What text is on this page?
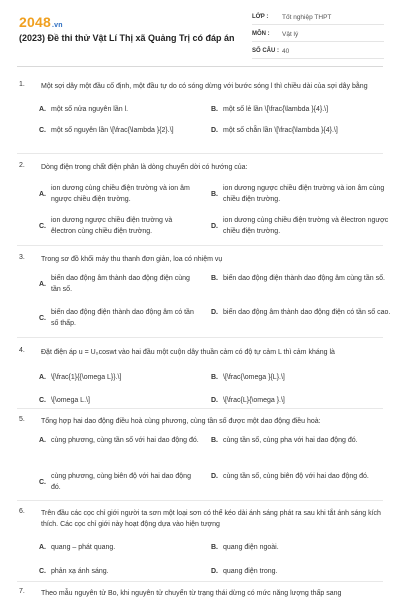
2048.vn
(2023) Đề thi thử Vật Lí Thị xã Quảng Trị có đáp án
LỚP :	Tốt nghiệp THPT
MÔN :	Vật lý
SỐ CÂU : 40
1.	Một sợi dây một đầu cố định, một đầu tự do có sóng dừng với bước sóng l thì chiều dài của sợi dây bằng
A. một số nửa nguyên lần l.	B. một số lẻ lần \[\frac{\lambda }{4}.\]
C. một số nguyên lần \[\frac{\lambda }{2}.\]	D. một số chẵn lần \[\frac{\lambda }{4}.\]
2.	Dòng điện trong chất điện phân là dòng chuyển dời có hướng của:
A.
ion dương cùng chiều điện trường và ion âm ngược chiều điện trường.
B.
ion dương ngược chiều điện trường và ion âm cùng chiều điện trường.
C.
ion dương ngược chiều điện trường và êlectron cùng chiều điện trường.
D.
ion dương cùng chiều điện trường và êlectron ngược chiều điện trường.
3.	Trong sơ đồ khối máy thu thanh đơn giản, loa có nhiệm vụ
A.
biến dao động âm thành dao động điện cùng tần số.
B. biến dao động điện thành dao động âm cùng tần số.
C.
biến dao động điện thành dao động âm có tần số thấp.
D. biến dao động âm thành dao động điện có tần số cao.
4.	Đặt điện áp u = U₀coswt vào hai đầu một cuộn dây thuần cảm có độ tự cảm L thì cảm kháng là
A. \[\frac{1}{{\omega L}}.\]	B. \[\frac{\omega }{L}.\]
C. \[\omega L.\]	D. \[\frac{L}{\omega }.\]
5.	Tổng hợp hai dao động điều hoà cùng phương, cùng tần số được một dao động điều hoà:
A. cùng phương, cùng tần số với hai dao động đó. B. cùng tần số, cùng pha với hai dao động đó.
C.
cùng phương, cùng biên độ với hai dao động đó.
D. cùng tần số, cùng biên độ với hai dao động đó.
6.	Trên đầu các cọc chỉ giới người ta sơn một loại sơn có thể kéo dài ánh sáng phát ra sau khi tắt ánh sáng kích thích. Các cọc chỉ giới này hoạt động dựa vào hiện tượng
A. quang – phát quang.	B. quang điện ngoài.
C. phản xạ ánh sáng.	D. quang điện trong.
7.	Theo mẫu nguyên tử Bo, khi nguyên tử chuyển từ trạng thái dừng có mức năng lượng thấp sang
